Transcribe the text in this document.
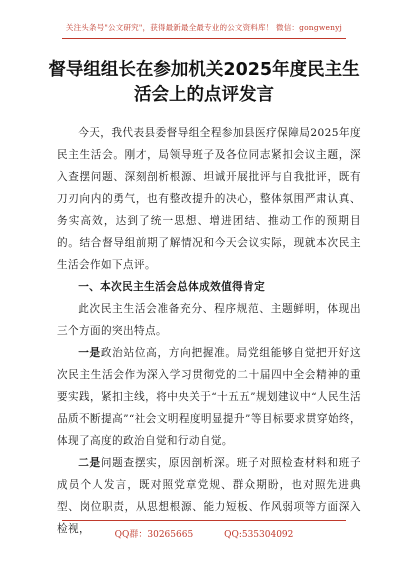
关注头条号"公文研究"，获得最新最全最专业的公文资料库！ 微信：gongwenyj
督导组组长在参加机关2025年度民主生
活会上的点评发言

今天，我代表县委督导组全程参加县医疗保障局2025年度民主生活会。刚才，局领导班子及各位同志紧扣会议主题，深入查摆问题、深刻剖析根源、坦诚开展批评与自我批评，既有刀刃向内的勇气，也有整改提升的决心，整体氛围严肃认真、务实高效，达到了统一思想、增进团结、推动工作的预期目的。结合督导组前期了解情况和今天会议实际，现就本次民主生活会作如下点评。

一、本次民主生活会总体成效值得肯定

此次民主生活会准备充分、程序规范、主题鲜明，体现出三个方面的突出特点。

一是政治站位高，方向把握准。局党组能够自觉把开好这次民主生活会作为深入学习贯彻党的二十届四中全会精神的重要实践，紧扣主线，将中央关于“十五五”规划建议中“人民生活品质不断提高”“社会文明程度明显提升”等目标要求贯穿始终，体现了高度的政治自觉和行动自觉。

二是问题查摆实，原因剖析深。班子对照检查材料和班子成员个人发言，既对照党章党规、群众期盼，也对照先进典型、岗位职责，从思想根源、能力短板、作风弱项等方面深入检视，	QQ群：30265665	QQ:535304092
